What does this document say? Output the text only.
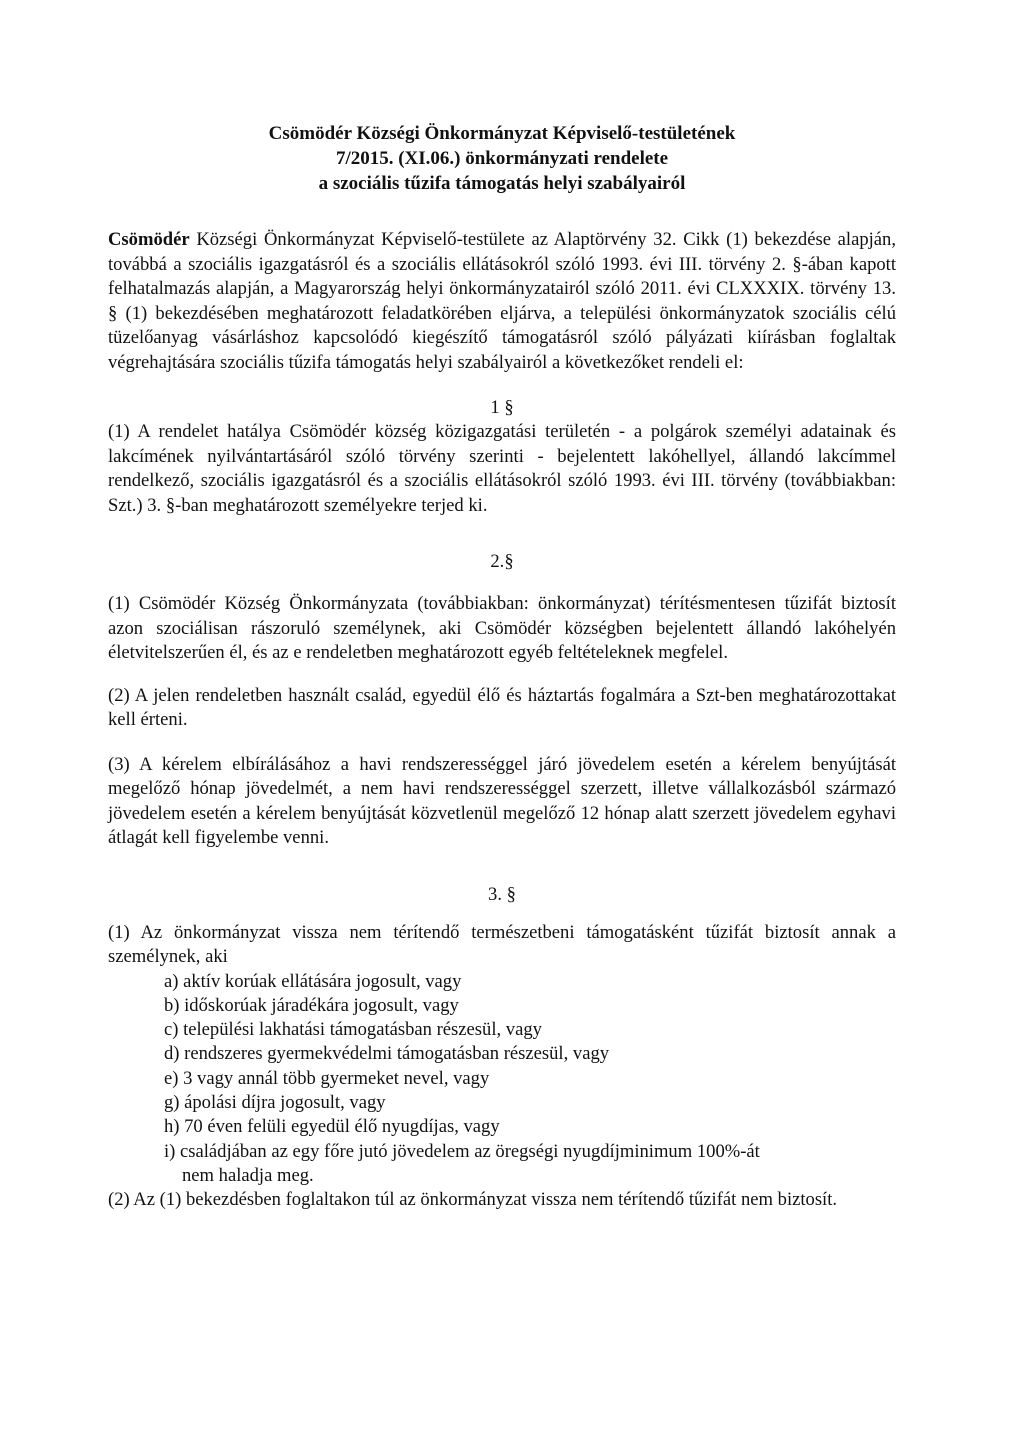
Csömödér Községi Önkormányzat Képviselő-testületének
7/2015. (XI.06.) önkormányzati rendelete
a szociális tűzifa támogatás helyi szabályairól

Csömödér Községi Önkormányzat Képviselő-testülete az Alaptörvény 32. Cikk (1) bekezdése alapján, továbbá a szociális igazgatásról és a szociális ellátásokról szóló 1993. évi III. törvény 2. §-ában kapott felhatalmazás alapján, a Magyarország helyi önkormányzatairól szóló 2011. évi CLXXXIX. törvény 13. § (1) bekezdésében meghatározott feladatkörében eljárva, a települési önkormányzatok szociális célú tüzelőanyag vásárláshoz kapcsolódó kiegészítő támogatásról szóló pályázati kiírásban foglaltak végrehajtására szociális tűzifa támogatás helyi szabályairól a következőket rendeli el:

1 §

(1) A rendelet hatálya Csömödér község közigazgatási területén - a polgárok személyi adatainak és lakcímének nyilvántartásáról szóló törvény szerinti - bejelentett lakóhellyel, állandó lakcímmel rendelkező, szociális igazgatásról és a szociális ellátásokról szóló 1993. évi III. törvény (továbbiakban: Szt.) 3. §-ban meghatározott személyekre terjed ki.

2.§

(1) Csömödér Község Önkormányzata (továbbiakban: önkormányzat) térítésmentesen tűzifát biztosít azon szociálisan rászoruló személynek, aki Csömödér községben bejelentett állandó lakóhelyén életvitelszerűen él, és az e rendeletben meghatározott egyéb feltételeknek megfelel.

(2) A jelen rendeletben használt család, egyedül élő és háztartás fogalmára a Szt-ben meghatározottakat kell érteni.

(3) A kérelem elbírálásához a havi rendszerességgel járó jövedelem esetén a kérelem benyújtását megelőző hónap jövedelmét, a nem havi rendszerességgel szerzett, illetve vállalkozásból származó jövedelem esetén a kérelem benyújtását közvetlenül megelőző 12 hónap alatt szerzett jövedelem egyhavi átlagát kell figyelembe venni.

3. §

(1) Az önkormányzat vissza nem térítendő természetbeni támogatásként tűzifát biztosít annak a személynek, aki

a) aktív korúak ellátására jogosult, vagy
b) időskorúak járadékára jogosult, vagy
c) települési lakhatási támogatásban részesül, vagy
d) rendszeres gyermekvédelmi támogatásban részesül, vagy
e) 3 vagy annál több gyermeket nevel, vagy
g) ápolási díjra jogosult, vagy
h) 70 éven felüli egyedül élő nyugdíjas, vagy
i) családjában az egy főre jutó jövedelem az öregségi nyugdíjminimum 100%-át
nem haladja meg.

(2) Az (1) bekezdésben foglaltakon túl az önkormányzat vissza nem térítendő tűzifát nem biztosít.
